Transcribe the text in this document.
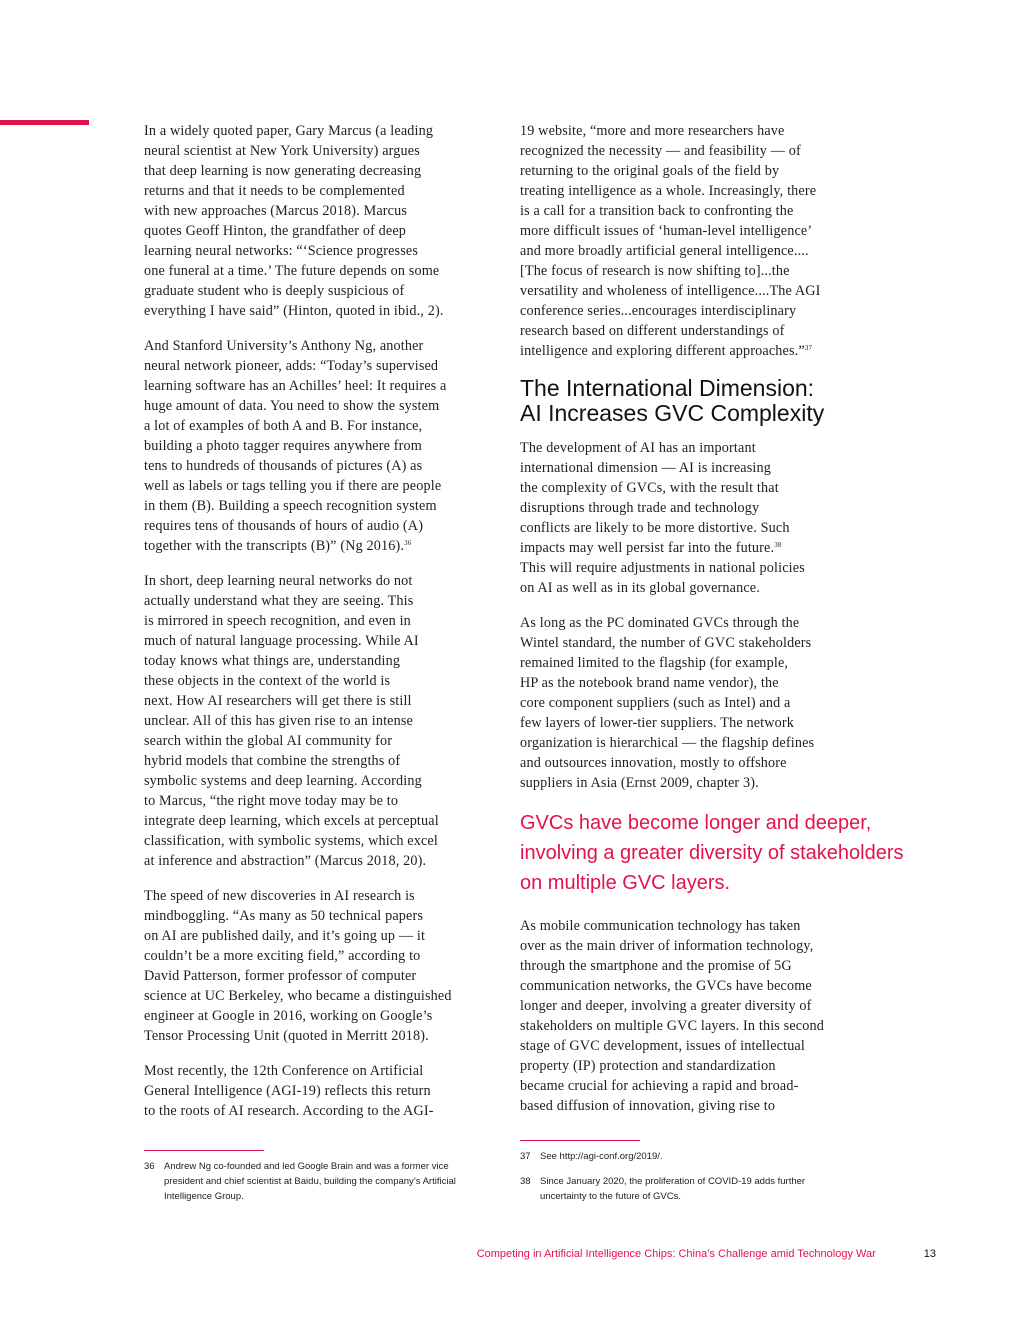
In a widely quoted paper, Gary Marcus (a leading
neural scientist at New York University) argues
that deep learning is now generating decreasing
returns and that it needs to be complemented
with new approaches (Marcus 2018). Marcus
quotes Geoff Hinton, the grandfather of deep
learning neural networks: “‘Science progresses
one funeral at a time.’ The future depends on some
graduate student who is deeply suspicious of
everything I have said” (Hinton, quoted in ibid., 2).

And Stanford University’s Anthony Ng, another
neural network pioneer, adds: “Today’s supervised
learning software has an Achilles’ heel: It requires a
huge amount of data. You need to show the system
a lot of examples of both A and B. For instance,
building a photo tagger requires anywhere from
tens to hundreds of thousands of pictures (A) as
well as labels or tags telling you if there are people
in them (B). Building a speech recognition system
requires tens of thousands of hours of audio (A)
together with the transcripts (B)” (Ng 2016).$^{36}$

In short, deep learning neural networks do not
actually understand what they are seeing. This
is mirrored in speech recognition, and even in
much of natural language processing. While AI
today knows what things are, understanding
these objects in the context of the world is
next. How AI researchers will get there is still
unclear. All of this has given rise to an intense
search within the global AI community for
hybrid models that combine the strengths of
symbolic systems and deep learning. According
to Marcus, “the right move today may be to
integrate deep learning, which excels at perceptual
classification, with symbolic systems, which excel
at inference and abstraction” (Marcus 2018, 20).

The speed of new discoveries in AI research is
mindboggling. “As many as 50 technical papers
on AI are published daily, and it’s going up — it
couldn’t be a more exciting field,” according to
David Patterson, former professor of computer
science at UC Berkeley, who became a distinguished
engineer at Google in 2016, working on Google’s
Tensor Processing Unit (quoted in Merritt 2018).

Most recently, the 12th Conference on Artificial
General Intelligence (AGI-19) reflects this return
to the roots of AI research. According to the AGI-

19 website, “more and more researchers have
recognized the necessity — and feasibility — of
returning to the original goals of the field by
treating intelligence as a whole. Increasingly, there
is a call for a transition back to confronting the
more difficult issues of ‘human-level intelligence’
and more broadly artificial general intelligence....
[The focus of research is now shifting to]...the
versatility and wholeness of intelligence....The AGI
conference series...encourages interdisciplinary
research based on different understandings of
intelligence and exploring different approaches.”$^{37}$

The International Dimension:
AI Increases GVC Complexity

The development of AI has an important
international dimension — AI is increasing
the complexity of GVCs, with the result that
disruptions through trade and technology
conflicts are likely to be more distortive. Such
impacts may well persist far into the future.$^{38}$
This will require adjustments in national policies
on AI as well as in its global governance.

As long as the PC dominated GVCs through the
Wintel standard, the number of GVC stakeholders
remained limited to the flagship (for example,
HP as the notebook brand name vendor), the
core component suppliers (such as Intel) and a
few layers of lower-tier suppliers. The network
organization is hierarchical — the flagship defines
and outsources innovation, mostly to offshore
suppliers in Asia (Ernst 2009, chapter 3).

GVCs have become longer and deeper,
involving a greater diversity of stakeholders
on multiple GVC layers.

As mobile communication technology has taken
over as the main driver of information technology,
through the smartphone and the promise of 5G
communication networks, the GVCs have become
longer and deeper, involving a greater diversity of
stakeholders on multiple GVC layers. In this second
stage of GVC development, issues of intellectual
property (IP) protection and standardization
became crucial for achieving a rapid and broad-
based diffusion of innovation, giving rise to

36 Andrew Ng co-founded and led Google Brain and was a former vice
president and chief scientist at Baidu, building the company’s Artificial
Intelligence Group.
37 See http://agi-conf.org/2019/.
38 Since January 2020, the proliferation of COVID-19 adds further
uncertainty to the future of GVCs.
Competing in Artificial Intelligence Chips: China’s Challenge amid Technology War	13
